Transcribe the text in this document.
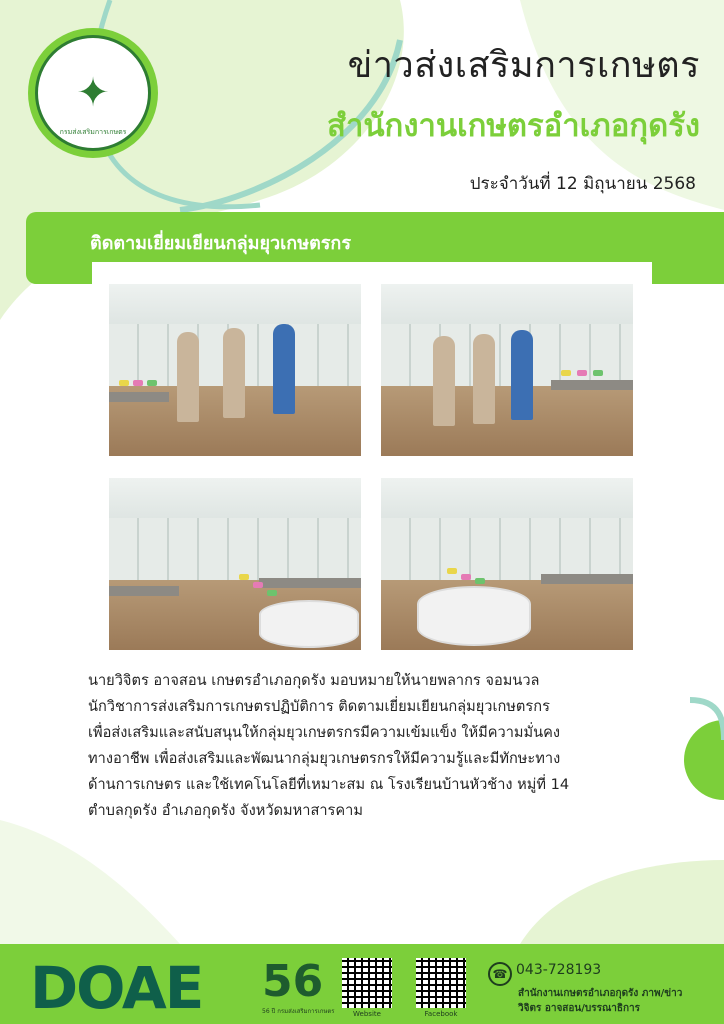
✦
กรมส่งเสริมการเกษตร
ข่าวส่งเสริมการเกษตร
สำนักงานเกษตรอำเภอกุดรัง
ประจำวันที่ 12 มิถุนายน 2568
ติดตามเยี่ยมเยียนกลุ่มยุวเกษตรกร
นายวิจิตร อาจสอน เกษตรอำเภอกุดรัง มอบหมายให้นายพลากร จอมนวล
นักวิชาการส่งเสริมการเกษตรปฏิบัติการ ติดตามเยี่ยมเยียนกลุ่มยุวเกษตรกร
เพื่อส่งเสริมและสนับสนุนให้กลุ่มยุวเกษตรกรมีความเข้มแข็ง ให้มีความมั่นคง
ทางอาชีพ เพื่อส่งเสริมและพัฒนากลุ่มยุวเกษตรกรให้มีความรู้และมีทักษะทาง
ด้านการเกษตร และใช้เทคโนโลยีที่เหมาะสม ณ โรงเรียนบ้านหัวช้าง หมู่ที่ 14
ตำบลกุดรัง อำเภอกุดรัง จังหวัดมหาสารคาม
DOAE 56
56 ปี กรมส่งเสริมการเกษตร	Website	Facebook
☎ 043-728193
สำนักงานเกษตรอำเภอกุดรัง ภาพ/ข่าว
วิจิตร อาจสอน/บรรณาธิการ
